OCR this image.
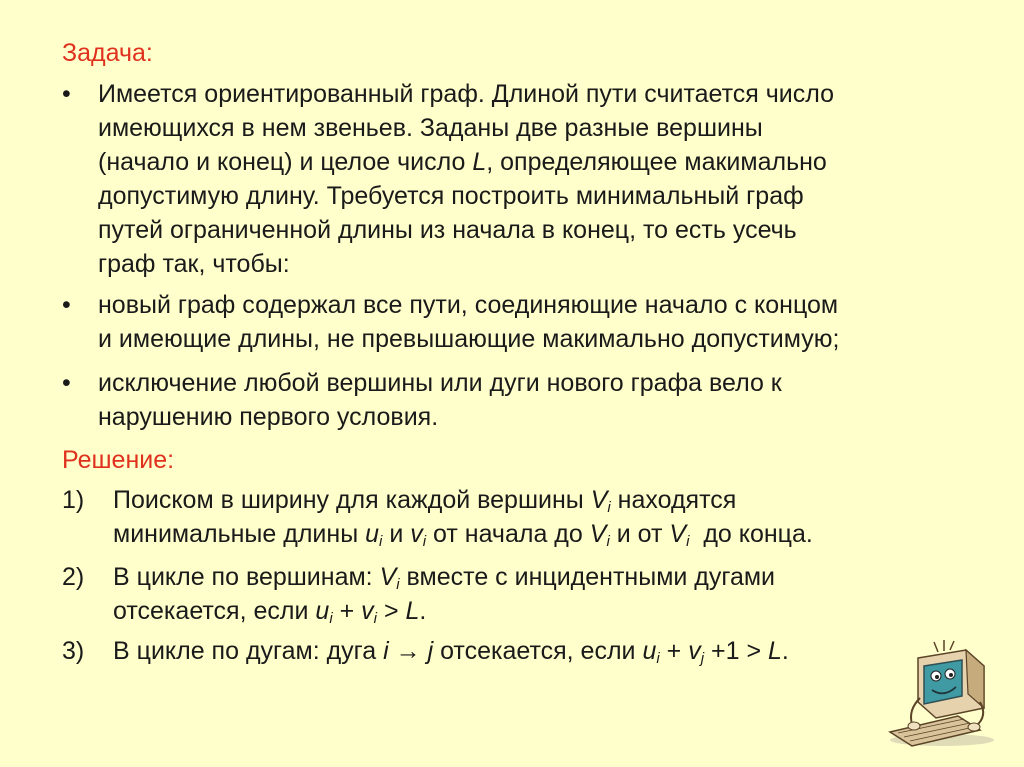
Задача:
• Имеется ориентированный граф. Длиной пути считается число
имеющихся в нем звеньев. Заданы две разные вершины
(начало и конец) и целое число L, определяющее макимально
допустимую длину. Требуется построить минимальный граф
путей ограниченной длины из начала в конец, то есть усечь
граф так, чтобы:
• новый граф содержал все пути, соединяющие начало с концом
и имеющие длины, не превышающие макимально допустимую;
• исключение любой вершины или дуги нового графа вело к
нарушению первого условия.
Решение:
1) Поиском в ширину для каждой вершины $V_i$ находятся
минимальные длины $u_i$ и $v_i$ от начала до $V_i$ и от $V_i$  до конца.
2) В цикле по вершинам: $V_i$ вместе с инцидентными дугами
отсекается, если $u_i + v_i > L$.
3) В цикле по дугам: дуга i → j отсекается, если $u_i + v_j +1 > L$.
